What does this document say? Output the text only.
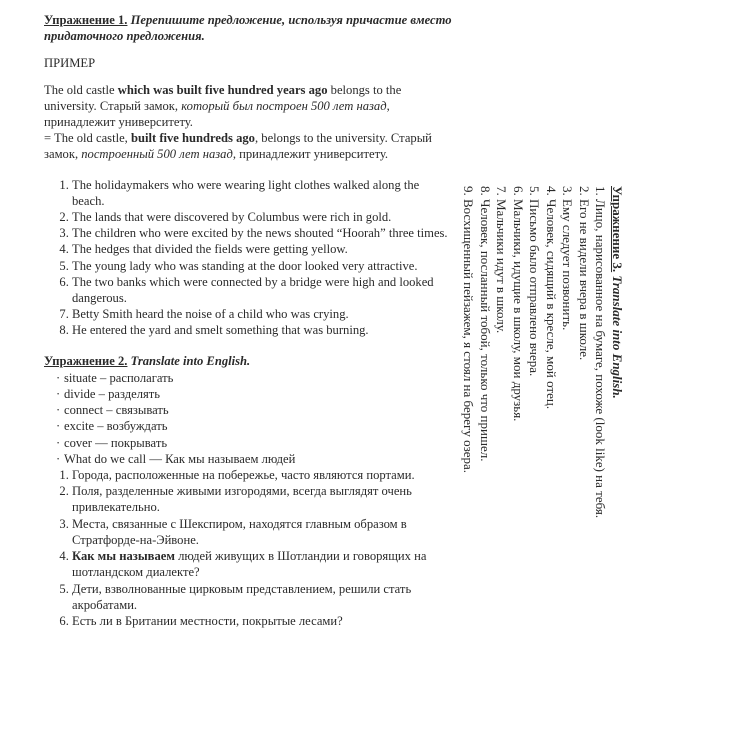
Упражнение 1. Перепишите предложение, используя причастие вместо придаточного предложения.
ПРИМЕР

The old castle which was built five hundred years ago belongs to the university. Старый замок, который был построен 500 лет назад, принадлежит университету.

= The old castle, built five hundreds ago, belongs to the university. Старый замок, построенный 500 лет назад, принадлежит университету.

1. The holidaymakers who were wearing light clothes walked along the beach.
2. The lands that were discovered by Columbus were rich in gold.
3. The children who were excited by the news shouted “Hoorah” three times.
4. The hedges that divided the fields were getting yellow.
5. The young lady who was standing at the door looked very attractive.
6. The two banks which were connected by a bridge were high and looked dangerous.
7. Betty Smith heard the noise of a child who was crying.
8. He entered the yard and smelt something that was burning.
Упражнение 2. Translate into English.
· situate – располагать
· divide – разделять
· connect – связывать
· excite – возбуждать
· cover — покрывать
· What do we call — Как мы называем людей
1. Города, расположенные на побережье, часто являются портами.
2. Поля, разделенные живыми изгородями, всегда выглядят очень привлекательно.
3. Места, связанные с Шекспиром, находятся главным образом в Стратфорде-на-Эйвоне.
4. Как мы называем людей живущих в Шотландии и говорящих на шотландском диалекте?
5. Дети, взволнованные цирковым представлением, решили стать акробатами.
6. Есть ли в Британии местности, покрытые лесами?
Упражнение 3. Translate into English.
1. Лицо, нарисованное на бумаге, похоже (look like) на тебя.
2. Его не видели вчера в школе.
3. Ему следует позвонить.
4. Человек, сидящий в кресле, мой отец.
5. Письмо было отправлено вчера.
6. Мальчики, идущие в школу, мои друзья.
7. Мальчики идут в школу.
8. Человек, посланный тобой, только что пришел.
9. Восхищенный пейзажем, я стоял на берегу озера.
